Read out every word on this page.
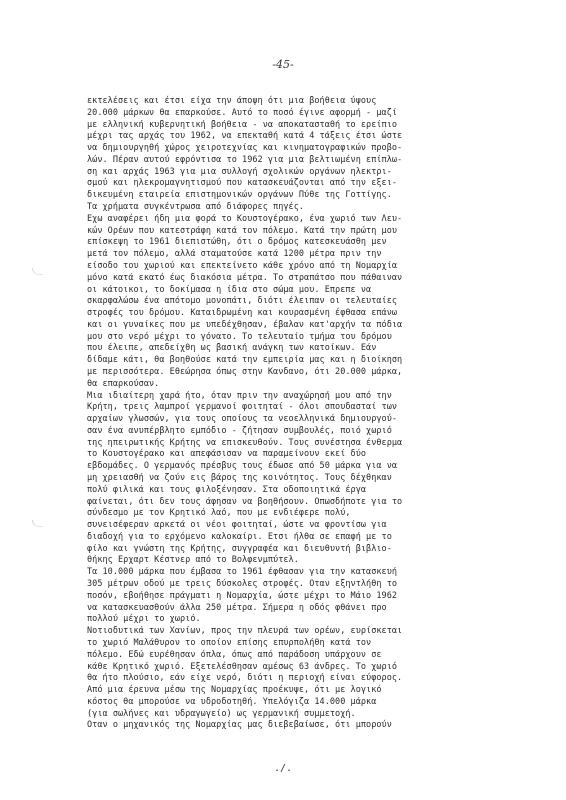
-45-
εκτελέσεις και έτσι είχα την άποψη ότι μια βοήθεια ύψους
20.000 μάρκων θα επαρκούσε. Αυτό το ποσό έγινε αφορμή - μαζί
με ελληνική κυβερνητική βοήθεια - να αποκατασταθή το ερείπιο
μέχρι τας αρχάς του 1962, να επεκταθή κατά 4 τάξεις έτσι ώστε
να δημιουργηθή χώρος χειροτεχνίας και κινηματογραφικών προβο-
λών. Πέραν αυτού εφρόντισα το 1962 για μια βελτιωμένη επίπλω-
ση και αρχάς 1963 για μια συλλογή σχολικών οργάνων ηλεκτρι-
σμού και ηλεκρομαγνητισμού που κατασκευάζονται από την εξει-
δικευμένη εταιρεία επιστημονικών οργάνων Πύθε της Γοττίγης.
Τα χρήματα συγκέντρωσα από διάφορες πηγές.
Εχω αναφέρει ήδη μια φορά το Κουστογέρακο, ένα χωριό των Λευ-
κών Ορέων που κατεστράφη κατά τον πόλεμο. Κατά την πρώτη μου
επίσκεψη το 1961 διεπιστώθη, ότι ο δρόμος κατεσκευάσθη μεν
μετά τον πόλεμο, αλλά σταματούσε κατά 1200 μέτρα πριν την
είσοδο του χωριού και επεκτείνετο κάθε χρόνο από τη Νομαρχία
μόνο κατά εκατό έως διακόσια μέτρα. Το στραπάτσο που πάθαιναν
οι κάτοικοι, το δοκίμασα η ίδια στο σώμα μου. Επρεπε να
σκαρφαλώσω ένα απότομο μονοπάτι, διότι έλειπαν οι τελευταίες
στροφές του δρόμου. Καταιδρωμένη και κουρασμένη έφθασα επάνω
και οι γυναίκες που με υπεδέχθησαν, έβαλαν κατ'αρχήν τα πόδια
μου στο νερό μέχρι το γόνατο. Το τελευταίο τμήμα του δρόμου
που έλειπε, απεδείχθη ως βασική ανάγκη των κατοίκων. Εάν
δίδαμε κάτι, θα βοηθούσε κατά την εμπειρία μας και η διοίκηση
με περισσότερα. Εθεώρησα όπως στην Κανδανο, ότι 20.000 μάρκα,
θα επαρκούσαν.
Μια ιδιαίτερη χαρά ήτο, όταν πριν την αναχώρησή μου από την
Κρήτη, τρεις λαμπροί γερμανοί φοιτηταί - όλοι σπουδασταί των
αρχαίων γλωσσών, για τους οποίους τα νεοελληνικά δημιουργού-
σαν ένα ανυπέρβλητο εμπόδιο - ζήτησαν συμβουλές, ποιό χωριό
της ηπειρωτικής Κρήτης να επισκευθούν. Τους συνέστησα ένθερμα
το Κουστογέρακο και απεφάσισαν να παραμείνουν εκεί δύο
εβδομάδες. Ο γερμανός πρέσβυς τους έδωσε από 50 μάρκα για να
μη χρειασθή να ζούν εις βάρος της κοινότητος. Τους δέχθηκαν
πολύ φιλικά και τους φιλοξένησαν. Στα οδοποιητικά έργα
φαίνεται, ότι δεν τους άφησαν να βοηθήσουν. Οπωσδήποτε για το
σύνδεσμο με τον Κρητικό λαό, που με ενδιέφερε πολύ,
συνεισέφεραν αρκετά οι νέοι φοιτηταί, ώστε να φροντίσω για
διαδοχή για το ερχόμενο καλοκαίρι. Ετσι ήλθα σε επαφή με το
φίλο και γνώστη της Κρήτης, συγγραφέα και διευθυντή βιβλιο-
θήκης Ερχαρτ Κέστνερ από το Βολφενμπύτελ.
Τα 10.000 μάρκα που έμβασα το 1961 έφθασαν για την κατασκευή
305 μέτρων οδού με τρεις δύσκολες στροφές. Οταν εξηντλήθη το
ποσόν, εβοήθησε πράγματι η Νομαρχία, ώστε μέχρι το Μάιο 1962
να κατασκευασθούν άλλα 250 μέτρα. Σήμερα η οδός φθάνει προ
πολλού μέχρι το χωριό.
Νοτιοδυτικά των Χανίων, προς την πλευρά των ορέων, ευρίσκεται
το χωριό Μαλάθυρον το οποίον επίσης επυρπολήθη κατά τον
πόλεμο. Εδώ ευρέθησαν όπλα, όπως από παράδοση υπάρχουν σε
κάθε Κρητικό χωριό. Εξετελέσθησαν αμέσως 63 άνδρες. Το χωριό
θα ήτο πλούσιο, εάν είχε νερό, διότι η περιοχή είναι εύφορος.
Από μια έρευνα μέσω της Νομαρχίας προέκυψε, ότι με λογικό
κόστος θα μπορούσε να υδροδοτηθή. Υπελόγιζα 14.000 μάρκα
(για σωλήνες και υδραγωγείο) ως γερμανική συμμετοχή.
Οταν ο μηχανικός της Νομαρχίας μας διεβεβαίωσε, ότι μπορούν
./.
